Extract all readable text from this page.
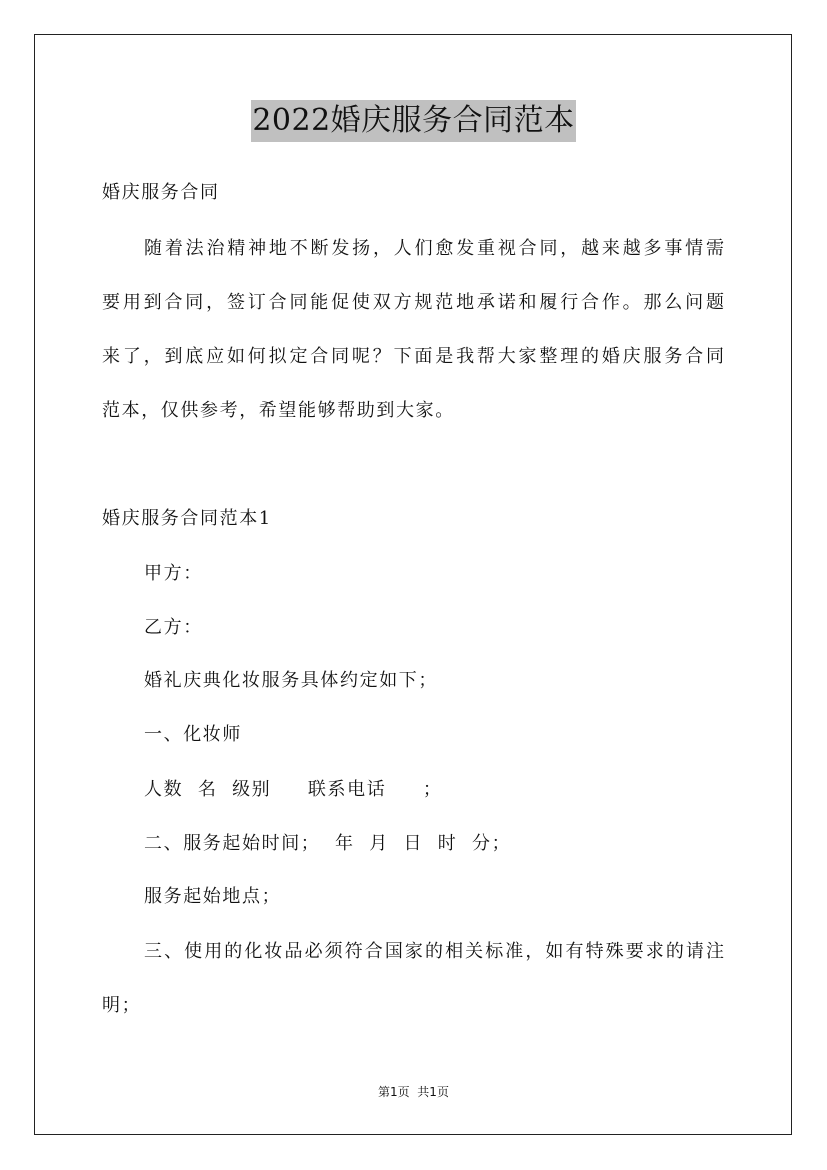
2022婚庆服务合同范本
婚庆服务合同
随着法治精神地不断发扬，人们愈发重视合同，越来越多事情需
要用到合同，签订合同能促使双方规范地承诺和履行合作。那么问题
来了，到底应如何拟定合同呢？下面是我帮大家整理的婚庆服务合同
范本，仅供参考，希望能够帮助到大家。
婚庆服务合同范本1
甲方：
乙方：
婚礼庆典化妆服务具体约定如下；
一、化妆师
人数  名  级别     联系电话     ；
二、服务起始时间；  年  月  日  时  分；
服务起始地点；
三、使用的化妆品必须符合国家的相关标准，如有特殊要求的请注
明；
第1页  共1页
